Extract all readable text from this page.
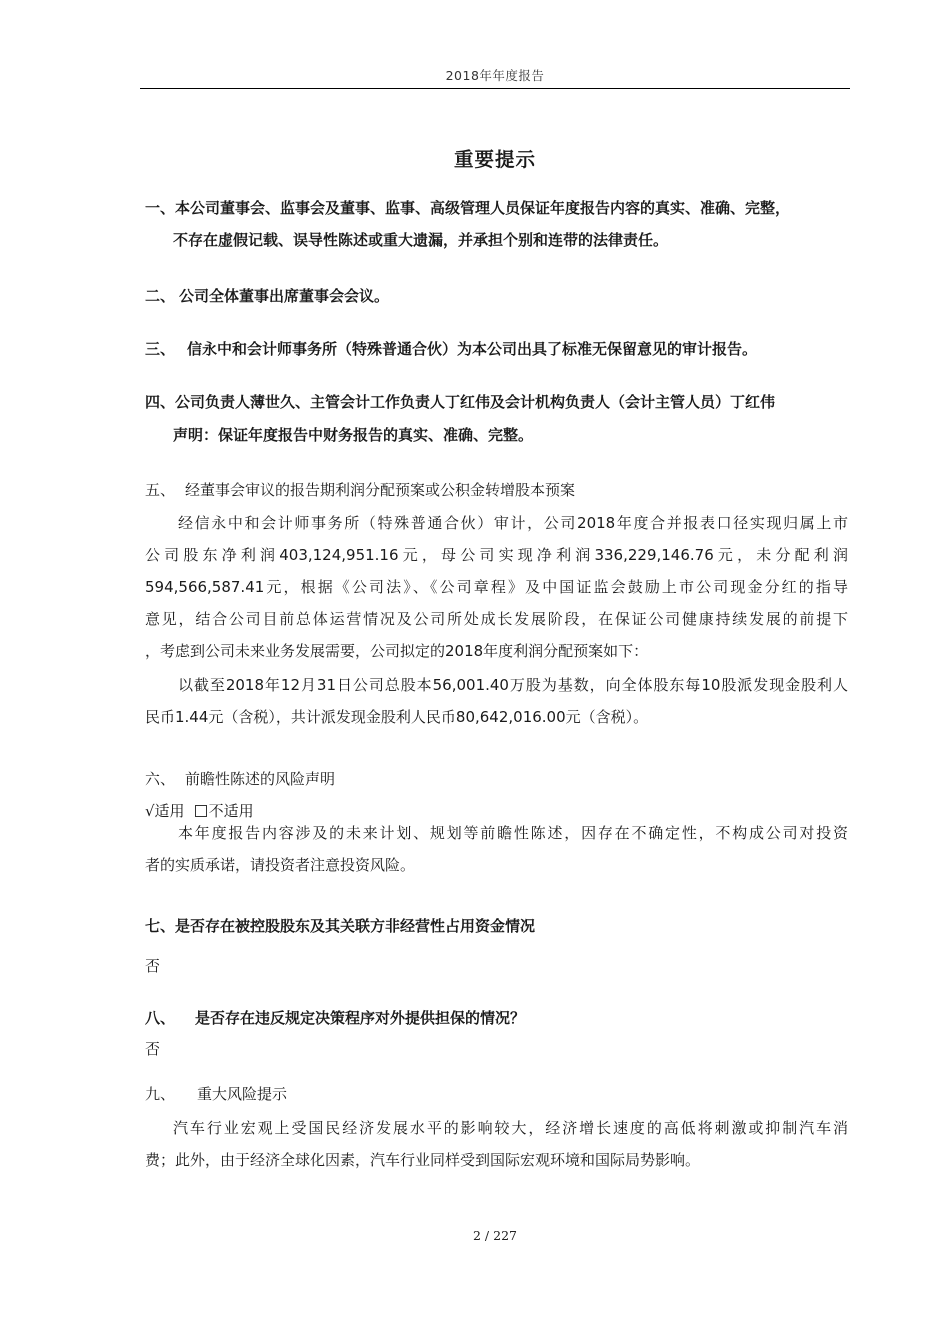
2018年年度报告
重要提示
一、本公司董事会、监事会及董事、监事、高级管理人员保证年度报告内容的真实、准确、完整，
不存在虚假记载、误导性陈述或重大遗漏，并承担个别和连带的法律责任。
二、 公司全体董事出席董事会会议。
三、 信永中和会计师事务所（特殊普通合伙）为本公司出具了标准无保留意见的审计报告。
四、公司负责人薄世久、主管会计工作负责人丁红伟及会计机构负责人（会计主管人员）丁红伟
声明：保证年度报告中财务报告的真实、准确、完整。
五、 经董事会审议的报告期利润分配预案或公积金转增股本预案
经信永中和会计师事务所（特殊普通合伙）审计，公司2018年度合并报表口径实现归属上市
公司股东净利润403,124,951.16元，母公司实现净利润336,229,146.76元，未分配利润
594,566,587.41元，根据《公司法》、《公司章程》及中国证监会鼓励上市公司现金分红的指导
意见，结合公司目前总体运营情况及公司所处成长发展阶段，在保证公司健康持续发展的前提下
，考虑到公司未来业务发展需要，公司拟定的2018年度利润分配预案如下：
以截至2018年12月31日公司总股本56,001.40万股为基数，向全体股东每10股派发现金股利人
民币1.44元（含税），共计派发现金股利人民币80,642,016.00元（含税）。
六、 前瞻性陈述的风险声明
√适用 不适用
本年度报告内容涉及的未来计划、规划等前瞻性陈述，因存在不确定性，不构成公司对投资
者的实质承诺，请投资者注意投资风险。
七、是否存在被控股股东及其关联方非经营性占用资金情况
否
八、 是否存在违反规定决策程序对外提供担保的情况？
否
九、 重大风险提示
汽车行业宏观上受国民经济发展水平的影响较大，经济增长速度的高低将刺激或抑制汽车消
费；此外，由于经济全球化因素，汽车行业同样受到国际宏观环境和国际局势影响。
2 / 227
